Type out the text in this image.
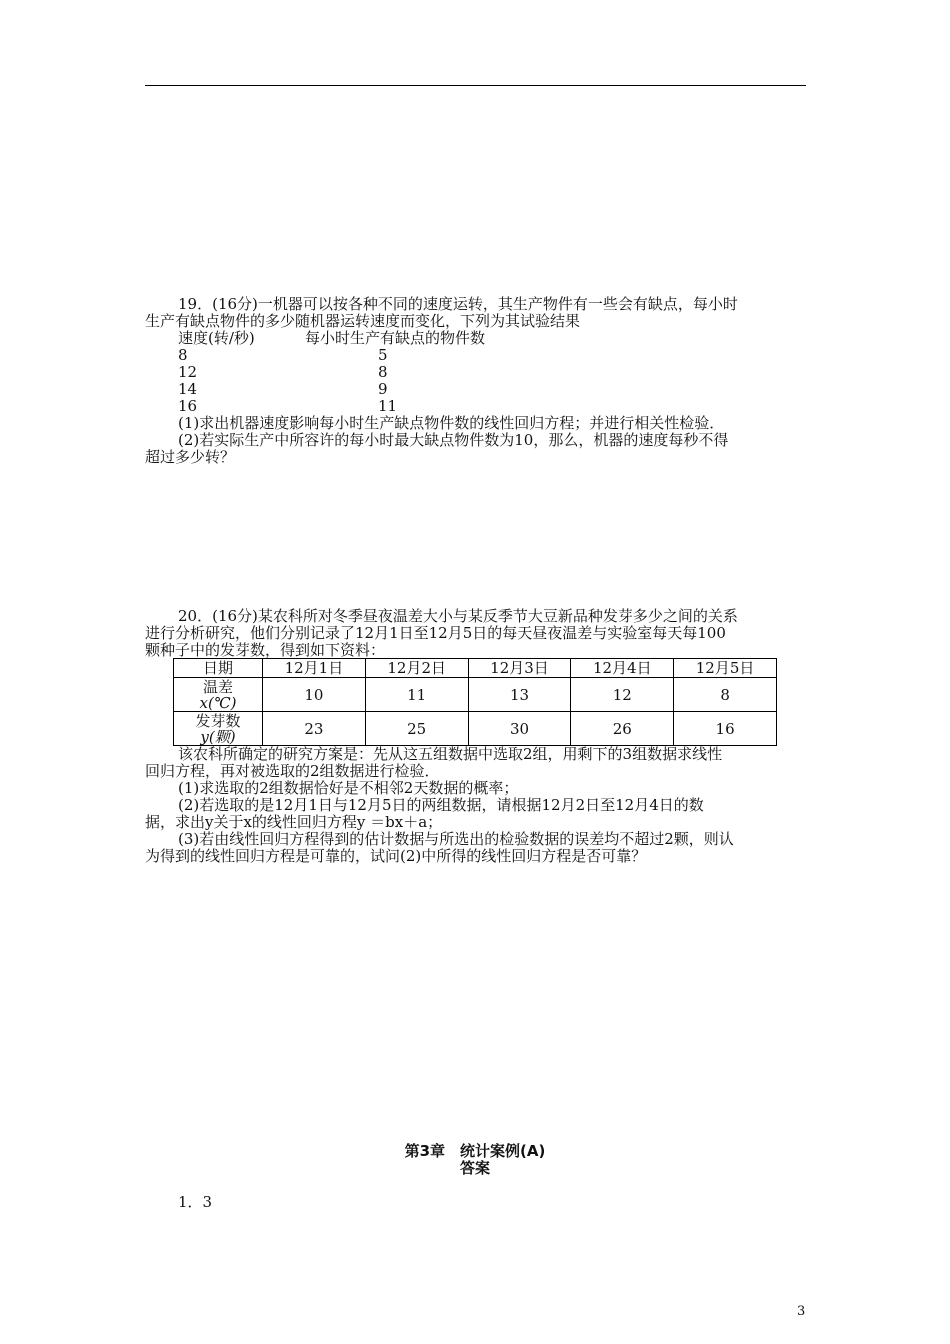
19．(16分)一机器可以按各种不同的速度运转，其生产物件有一些会有缺点，每小时
生产有缺点物件的多少随机器运转速度而变化，下列为其试验结果
速度(转/秒)	每小时生产有缺点的物件数
8	5
12	8
14	9
16	11
(1)求出机器速度影响每小时生产缺点物件数的线性回归方程；并进行相关性检验．
(2)若实际生产中所容许的每小时最大缺点物件数为10，那么，机器的速度每秒不得
超过多少转？
20．(16分)某农科所对冬季昼夜温差大小与某反季节大豆新品种发芽多少之间的关系
进行分析研究，他们分别记录了12月1日至12月5日的每天昼夜温差与实验室每天每100
颗种子中的发芽数，得到如下资料：
日期	12月1日	12月2日	12月3日	12月4日	12月5日

温差
x(℃)	10	11	13	12	8

发芽数
y(颗)	23	25	30	26	16
该农科所确定的研究方案是：先从这五组数据中选取2组，用剩下的3组数据求线性
回归方程，再对被选取的2组数据进行检验．
(1)求选取的2组数据恰好是不相邻2天数据的概率；
(2)若选取的是12月1日与12月5日的两组数据，请根据12月2日至12月4日的数
据，求出y关于x的线性回归方程y ＝bx＋a；
(3)若由线性回归方程得到的估计数据与所选出的检验数据的误差均不超过2颗，则认
为得到的线性回归方程是可靠的，试问(2)中所得的线性回归方程是否可靠？
第3章　统计案例(A)
答案
1．3
3
